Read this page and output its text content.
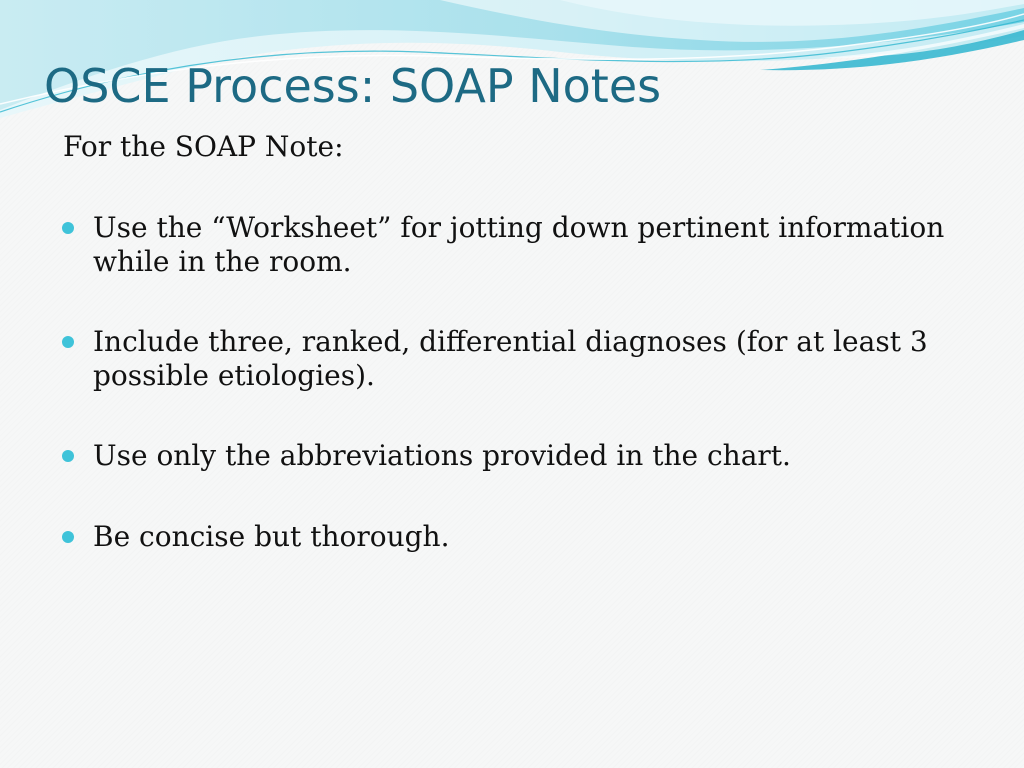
OSCE Process: SOAP Notes

For the SOAP Note:

Use the “Worksheet” for jotting down pertinent information while in the room.
Include three, ranked, differential diagnoses (for at least 3 possible etiologies).
Use only the abbreviations provided in the chart.
Be concise but thorough.
